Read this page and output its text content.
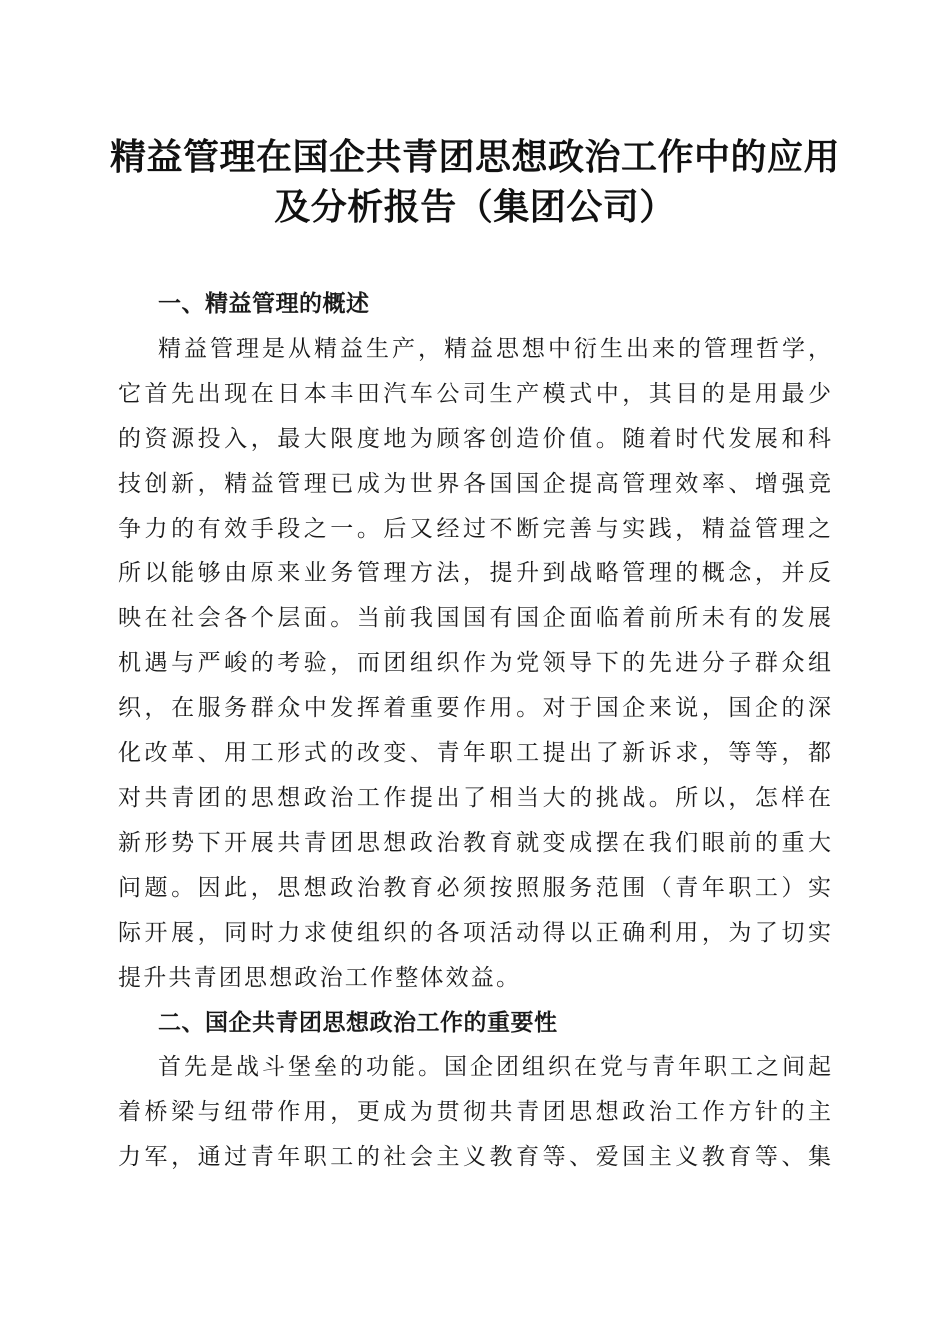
精益管理在国企共青团思想政治工作中的应用
及分析报告（集团公司）
一、精益管理的概述
精益管理是从精益生产，精益思想中衍生出来的管理哲学，
它首先出现在日本丰田汽车公司生产模式中，其目的是用最少
的资源投入，最大限度地为顾客创造价值。随着时代发展和科
技创新，精益管理已成为世界各国国企提高管理效率、增强竞
争力的有效手段之一。后又经过不断完善与实践，精益管理之
所以能够由原来业务管理方法，提升到战略管理的概念，并反
映在社会各个层面。当前我国国有国企面临着前所未有的发展
机遇与严峻的考验，而团组织作为党领导下的先进分子群众组
织，在服务群众中发挥着重要作用。对于国企来说，国企的深
化改革、用工形式的改变、青年职工提出了新诉求，等等，都
对共青团的思想政治工作提出了相当大的挑战。所以，怎样在
新形势下开展共青团思想政治教育就变成摆在我们眼前的重大
问题。因此，思想政治教育必须按照服务范围（青年职工）实
际开展，同时力求使组织的各项活动得以正确利用，为了切实
提升共青团思想政治工作整体效益。
二、国企共青团思想政治工作的重要性
首先是战斗堡垒的功能。国企团组织在党与青年职工之间起
着桥梁与纽带作用，更成为贯彻共青团思想政治工作方针的主
力军，通过青年职工的社会主义教育等、爱国主义教育等、集
